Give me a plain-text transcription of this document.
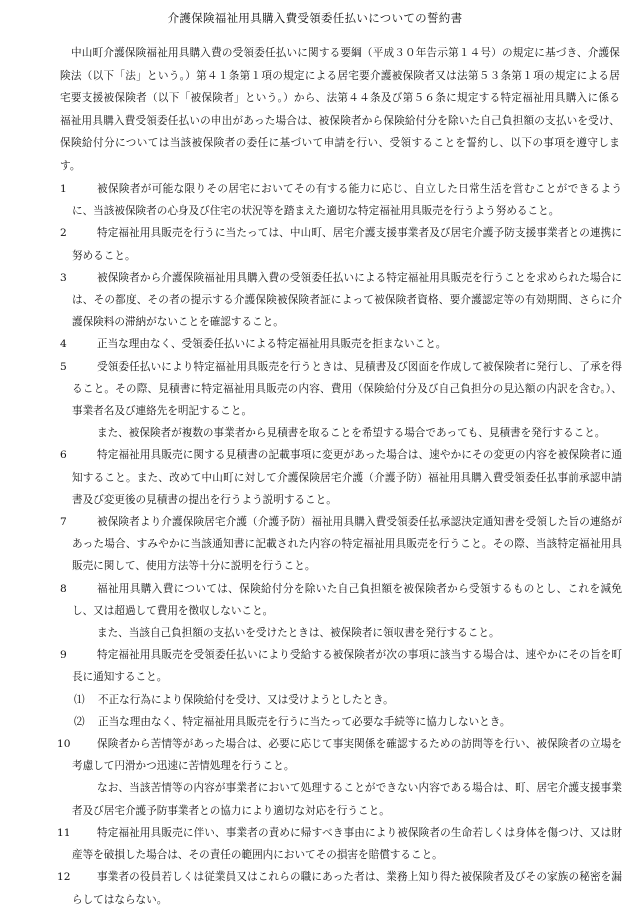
介護保険福祉用具購入費受領委任払いについての誓約書
中山町介護保険福祉用具購入費の受領委任払いに関する要綱（平成３０年告示第１４号）の規定に基づき、介護保険法（以下「法」という。）第４１条第１項の規定による居宅要介護被保険者又は法第５３条第１項の規定による居宅要支援被保険者（以下「被保険者」という。）から、法第４４条及び第５６条に規定する特定福祉用具購入に係る福祉用具購入費受領委任払いの申出があった場合は、被保険者から保険給付分を除いた自己負担額の支払いを受け、保険給付分については当該被保険者の委任に基づいて申請を行い、受領することを誓約し、以下の事項を遵守します。
1	被保険者が可能な限りその居宅においてその有する能力に応じ、自立した日常生活を営むことができるように、当該被保険者の心身及び住宅の状況等を踏まえた適切な特定福祉用具販売を行うよう努めること。
2	特定福祉用具販売を行うに当たっては、中山町、居宅介護支援事業者及び居宅介護予防支援事業者との連携に努めること。
3	被保険者から介護保険福祉用具購入費の受領委任払いによる特定福祉用具販売を行うことを求められた場合には、その都度、その者の提示する介護保険被保険者証によって被保険者資格、要介護認定等の有効期間、さらに介護保険料の滞納がないことを確認すること。
4	正当な理由なく、受領委任払いによる特定福祉用具販売を拒まないこと。
5	受領委任払いにより特定福祉用具販売を行うときは、見積書及び図面を作成して被保険者に発行し、了承を得ること。その際、見積書に特定福祉用具販売の内容、費用（保険給付分及び自己負担分の見込額の内訳を含む。）、事業者名及び連絡先を明記すること。
また、被保険者が複数の事業者から見積書を取ることを希望する場合であっても、見積書を発行すること。
6	特定福祉用具販売に関する見積書の記載事項に変更があった場合は、速やかにその変更の内容を被保険者に通知すること。また、改めて中山町に対して介護保険居宅介護（介護予防）福祉用具購入費受領委任払事前承認申請書及び変更後の見積書の提出を行うよう説明すること。
7	被保険者より介護保険居宅介護（介護予防）福祉用具購入費受領委任払承認決定通知書を受領した旨の連絡があった場合、すみやかに当該通知書に記載された内容の特定福祉用具販売を行うこと。その際、当該特定福祉用具販売に関して、使用方法等十分に説明を行うこと。
8	福祉用具購入費については、保険給付分を除いた自己負担額を被保険者から受領するものとし、これを減免し、又は超過して費用を徴収しないこと。
また、当該自己負担額の支払いを受けたときは、被保険者に領収書を発行すること。
9	特定福祉用具販売を受領委任払いにより受給する被保険者が次の事項に該当する場合は、速やかにその旨を町長に通知すること。
⑴ 不正な行為により保険給付を受け、又は受けようとしたとき。
⑵ 正当な理由なく、特定福祉用具販売を行うに当たって必要な手続等に協力しないとき。
10	保険者から苦情等があった場合は、必要に応じて事実関係を確認するための訪問等を行い、被保険者の立場を考慮して円滑かつ迅速に苦情処理を行うこと。
なお、当該苦情等の内容が事業者において処理することができない内容である場合は、町、居宅介護支援事業者及び居宅介護予防事業者との協力により適切な対応を行うこと。
11	特定福祉用具販売に伴い、事業者の責めに帰すべき事由により被保険者の生命若しくは身体を傷つけ、又は財産等を破損した場合は、その責任の範囲内においてその損害を賠償すること。
12	事業者の役員若しくは従業員又はこれらの職にあった者は、業務上知り得た被保険者及びその家族の秘密を漏らしてはならない。
